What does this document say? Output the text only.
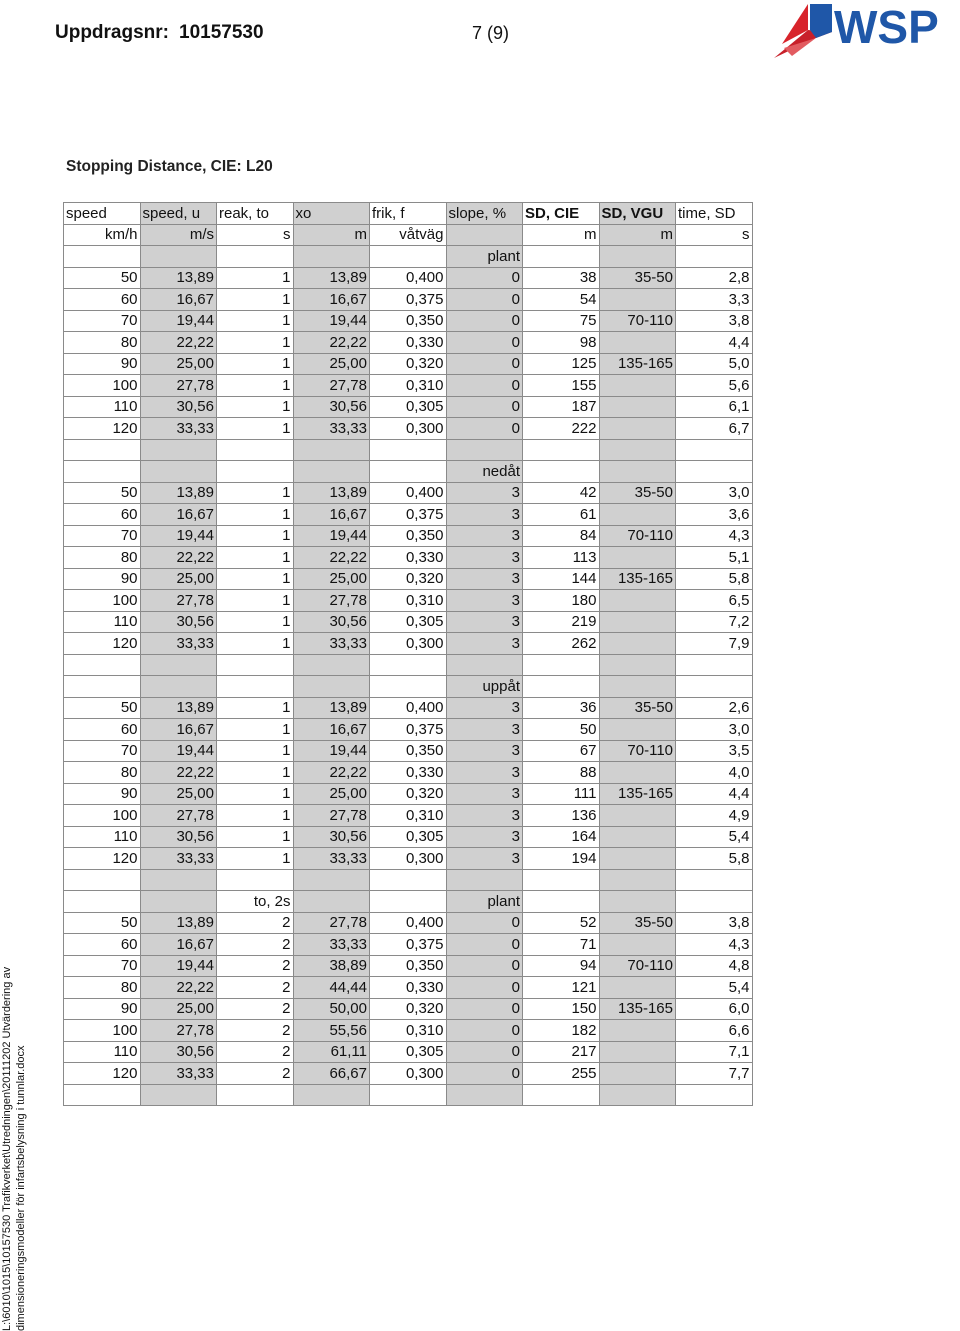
Uppdragsnr: 10157530	7 (9)	WSP
L:\6010\1015\10157530 Trafikverket\Utredningen\20111202 Utvärdering av dimensioneringsmodeller för infartsbelysning i tunnlar.docx
Stopping Distance, CIE: L20
speed	speed, u	reak, to	xo	frik, f	slope, %	SD, CIE	SD, VGU	time, SD
km/h	m/s	s	m	våtväg		m	m	s
					plant			
50	13,89	1	13,89	0,400	0	38	35-50	2,8
60	16,67	1	16,67	0,375	0	54		3,3
70	19,44	1	19,44	0,350	0	75	70-110	3,8
80	22,22	1	22,22	0,330	0	98		4,4
90	25,00	1	25,00	0,320	0	125	135-165	5,0
100	27,78	1	27,78	0,310	0	155		5,6
110	30,56	1	30,56	0,305	0	187		6,1
120	33,33	1	33,33	0,300	0	222		6,7

					nedåt			
50	13,89	1	13,89	0,400	3	42	35-50	3,0
60	16,67	1	16,67	0,375	3	61		3,6
70	19,44	1	19,44	0,350	3	84	70-110	4,3
80	22,22	1	22,22	0,330	3	113		5,1
90	25,00	1	25,00	0,320	3	144	135-165	5,8
100	27,78	1	27,78	0,310	3	180		6,5
110	30,56	1	30,56	0,305	3	219		7,2
120	33,33	1	33,33	0,300	3	262		7,9

					uppåt			
50	13,89	1	13,89	0,400	3	36	35-50	2,6
60	16,67	1	16,67	0,375	3	50		3,0
70	19,44	1	19,44	0,350	3	67	70-110	3,5
80	22,22	1	22,22	0,330	3	88		4,0
90	25,00	1	25,00	0,320	3	111	135-165	4,4
100	27,78	1	27,78	0,310	3	136		4,9
110	30,56	1	30,56	0,305	3	164		5,4
120	33,33	1	33,33	0,300	3	194		5,8

		to, 2s			plant			
50	13,89	2	27,78	0,400	0	52	35-50	3,8
60	16,67	2	33,33	0,375	0	71		4,3
70	19,44	2	38,89	0,350	0	94	70-110	4,8
80	22,22	2	44,44	0,330	0	121		5,4
90	25,00	2	50,00	0,320	0	150	135-165	6,0
100	27,78	2	55,56	0,310	0	182		6,6
110	30,56	2	61,11	0,305	0	217		7,1
120	33,33	2	66,67	0,300	0	255		7,7
